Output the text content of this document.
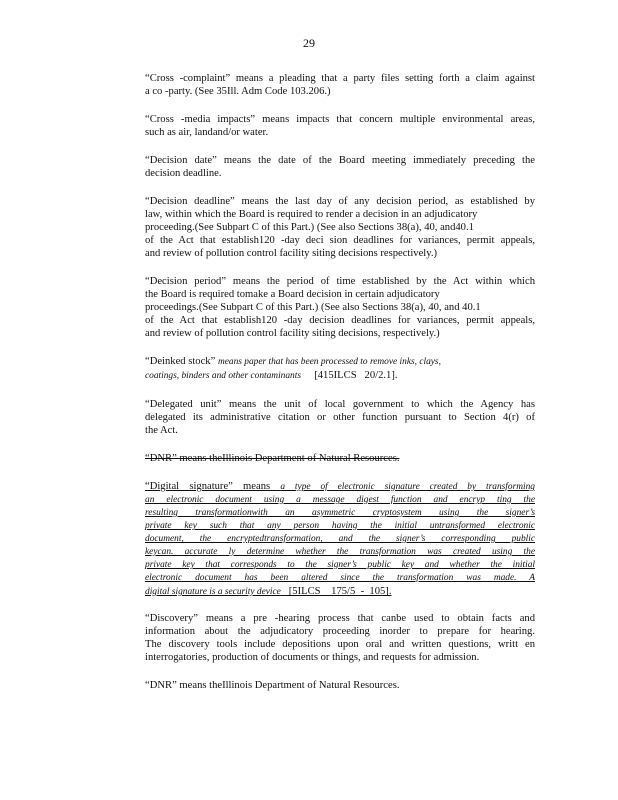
29
“Cross -complaint” means a pleading that a party files setting forth a claim against
a co -party. (See 35Ill. Adm Code 103.206.)
“Cross -media impacts” means impacts that concern multiple environmental areas,
such as air, landand/or water.
“Decision date” means the date of the Board meeting immediately preceding the
decision deadline.
“Decision deadline” means the last day of any decision period, as established by
law, within which the Board is required to render a decision in an adjudicatory
proceeding.(See Subpart C of this Part.) (See also Sections 38(a), 40, and40.1
of the Act that establish120 -day deci sion deadlines for variances, permit appeals,
and review of pollution control facility siting decisions respectively.)
“Decision period” means the period of time established by the Act within which
the Board is required tomake a Board decision in certain adjudicatory
proceedings.(See Subpart C of this Part.) (See also Sections 38(a), 40, and 40.1
of the Act that establish120 -day decision deadlines for variances, permit appeals,
and review of pollution control facility siting decisions, respectively.)
“Deinked stock” means paper that has been processed to remove inks, clays,
coatings, binders and other contaminants     [415ILCS   20/2.1].
“Delegated unit” means the unit of local government to which the Agency has
delegated its administrative citation or other function pursuant to Section 4(r) of
the Act.
“DNR” means theIllinois Department of Natural Resources.
“Digital signature” means a type of electronic signature created by transforming
an electronic document using a message digest function and encryp ting the
resulting transformationwith an asymmetric cryptosystem using the signer’s
private key such that any person having the initial untransformed electronic
document, the encryptedtransformation, and the signer’s corresponding public
keycan. accurate ly determine whether the transformation was created using the
private key that corresponds to the signer’s public key and whether the initial
electronic document has been altered since the transformation was made. A
digital signature is a security device   [5ILCS    175/5  -  105].
“Discovery” means a pre -hearing process that canbe used to obtain facts and
information about the adjudicatory proceeding inorder to prepare for hearing.
The discovery tools include depositions upon oral and written questions, writt en
interrogatories, production of documents or things, and requests for admission.
“DNR” means theIllinois Department of Natural Resources.
